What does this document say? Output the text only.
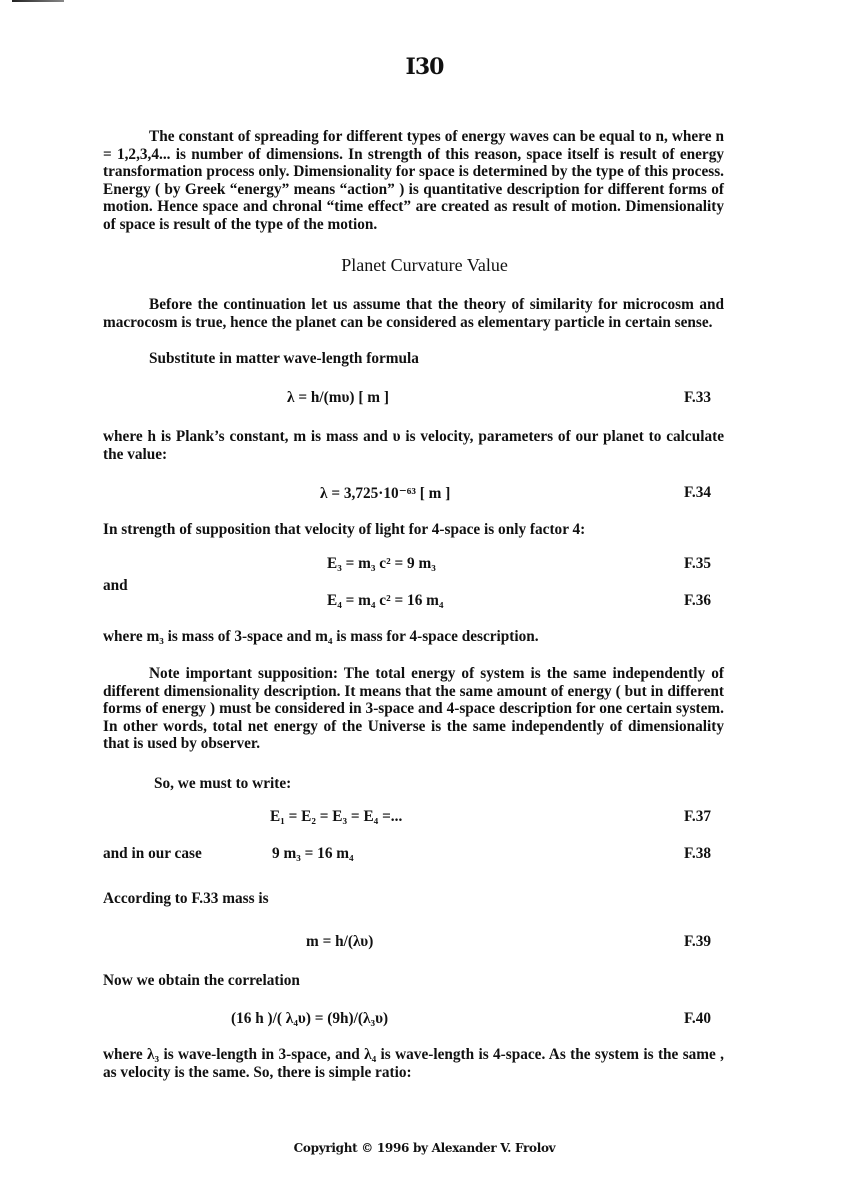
I30
The constant of spreading for different types of energy waves can be equal to n, where n = 1,2,3,4... is number of dimensions. In strength of this reason, space itself is result of energy transformation process only. Dimensionality for space is determined by the type of this process. Energy ( by Greek “energy” means “action” ) is quantitative description for different forms of motion. Hence space and chronal “time effect” are created as result of motion. Dimensionality of space is result of the type of the motion.
Planet Curvature Value
Before the continuation let us assume that the theory of similarity for microcosm and macrocosm is true, hence the planet can be considered as elementary particle in certain sense.
Substitute in matter wave-length formula
λ = h/(mυ) [ m ]	F.33
where h is Plank’s constant, m is mass and υ is velocity, parameters of our planet to calculate the value:
λ = 3,725·10⁻⁶³ [ m ]	F.34
In strength of supposition that velocity of light for 4-space is only factor 4:
E₃ = m₃ c² = 9 m₃	F.35
and
E₄ = m₄ c² = 16 m₄	F.36
where m₃ is mass of 3-space and m₄ is mass for 4-space description.
Note important supposition: The total energy of system is the same independently of different dimensionality description. It means that the same amount of energy ( but in different forms of energy ) must be considered in 3-space and 4-space description for one certain system. In other words, total net energy of the Universe is the same independently of dimensionality that is used by observer.
So, we must to write:
E₁ = E₂ = E₃ = E₄ =...	F.37
and in our case	9 m₃ = 16 m₄	F.38
According to F.33 mass is
m = h/(λυ)	F.39
Now we obtain the correlation
(16 h )/( λ₄υ) = (9h)/(λ₃υ)	F.40
where λ₃ is wave-length in 3-space, and λ₄ is wave-length is 4-space. As the system is the same , as velocity is the same. So, there is simple ratio:
Copyright © 1996 by Alexander V. Frolov
